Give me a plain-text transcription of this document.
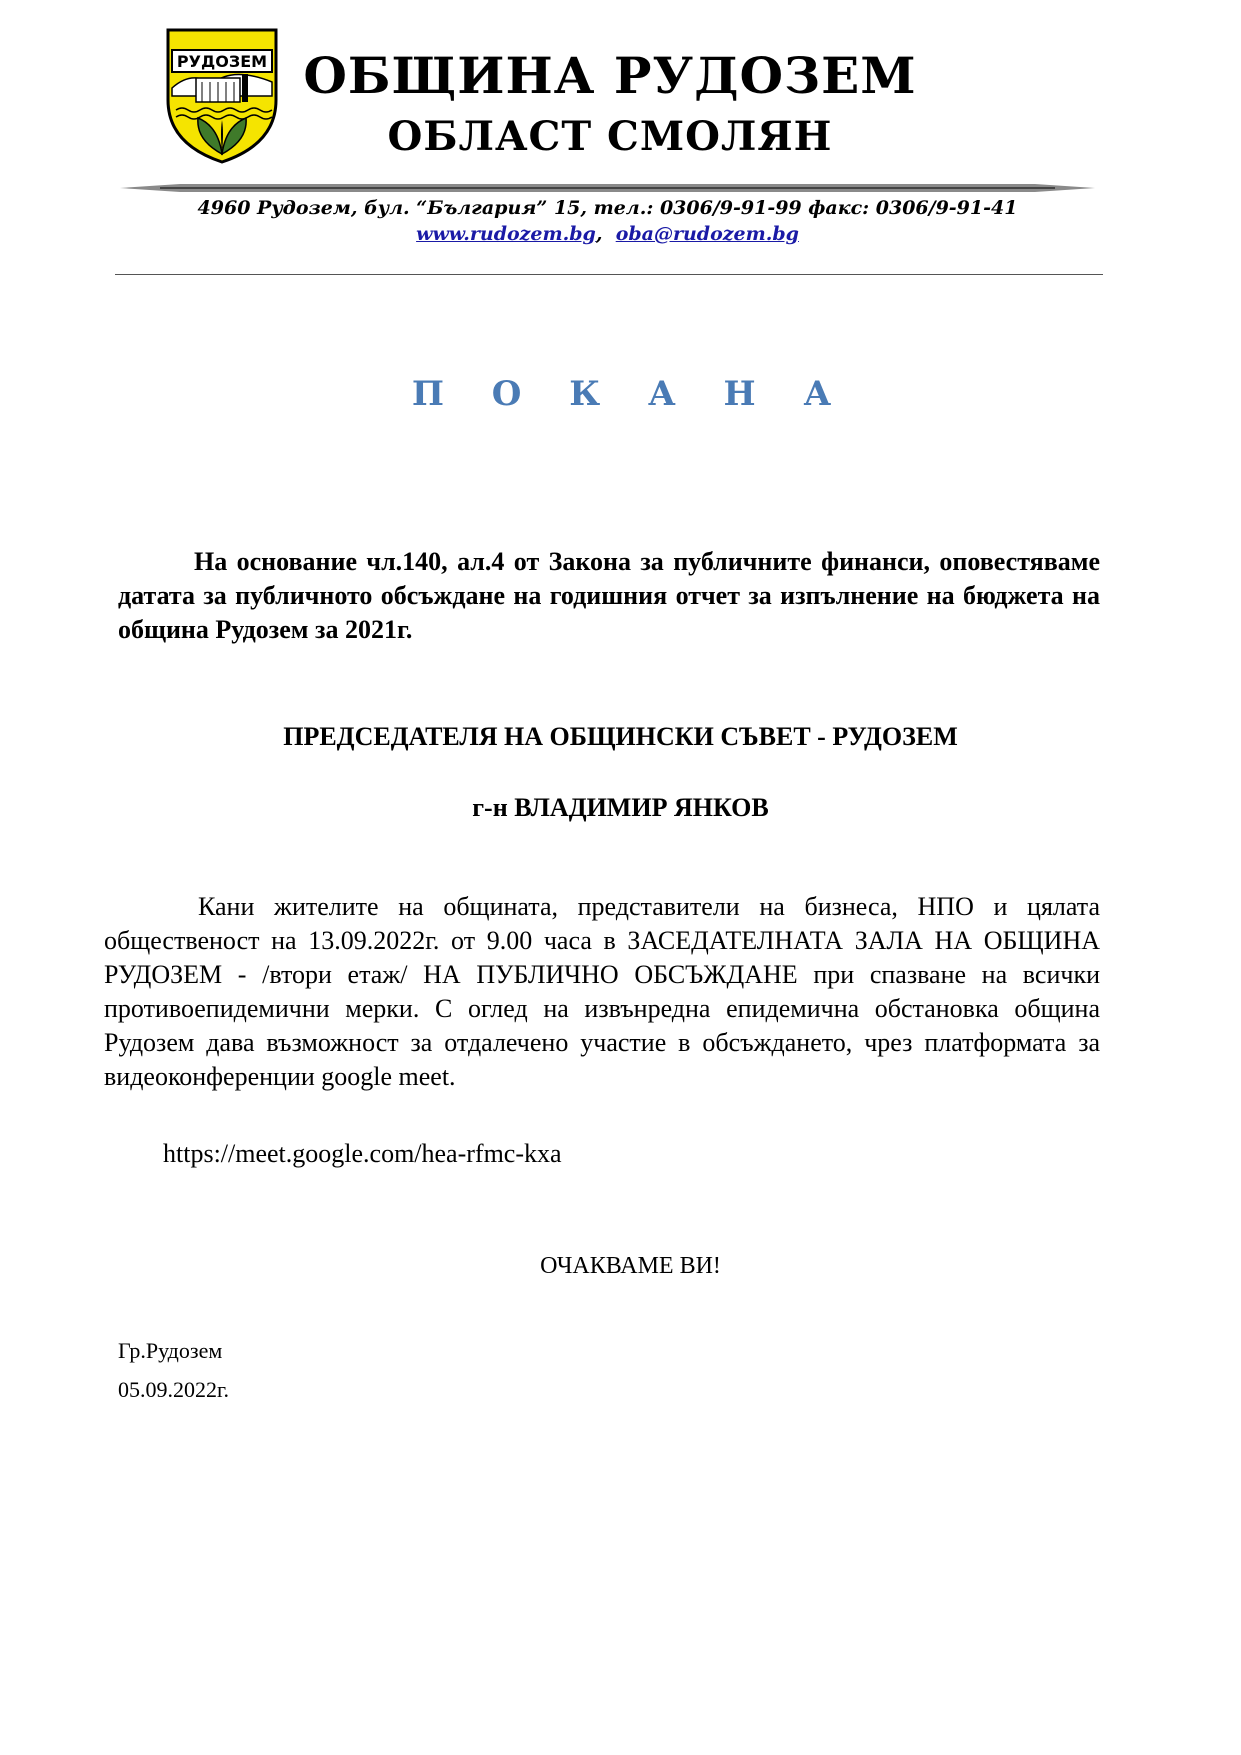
РУДОЗЕМ ОБЩИНА РУДОЗЕМ
ОБЛАСТ СМОЛЯН
4960 Рудозем, бул. “България” 15, тел.: 0306/9-91-99 факс: 0306/9-91-41
www.rudozem.bg,  oba@rudozem.bg
П О К А Н А

На основание чл.140, ал.4 от Закона за публичните финанси, оповестяваме датата за публичното обсъждане на годишния отчет за изпълнение на бюджета на община Рудозем за 2021г.

ПРЕДСЕДАТЕЛЯ НА ОБЩИНСКИ СЪВЕТ - РУДОЗЕМ
г-н ВЛАДИМИР ЯНКОВ

Кани жителите на общината, представители на бизнеса, НПО и цялата общественост на 13.09.2022г. от 9.00 часа в ЗАСЕДАТЕЛНАТА ЗАЛА НА ОБЩИНА РУДОЗЕМ - /втори етаж/ НА ПУБЛИЧНО ОБСЪЖДАНЕ при спазване на всички противоепидемични мерки. С оглед на извънредна епидемична обстановка община Рудозем дава възможност за отдалечено участие в обсъждането, чрез платформата за видеоконференции google meet.

https://meet.google.com/hea-rfmc-kxa
ОЧАКВАМЕ ВИ!
Гр.Рудозем
05.09.2022г.
